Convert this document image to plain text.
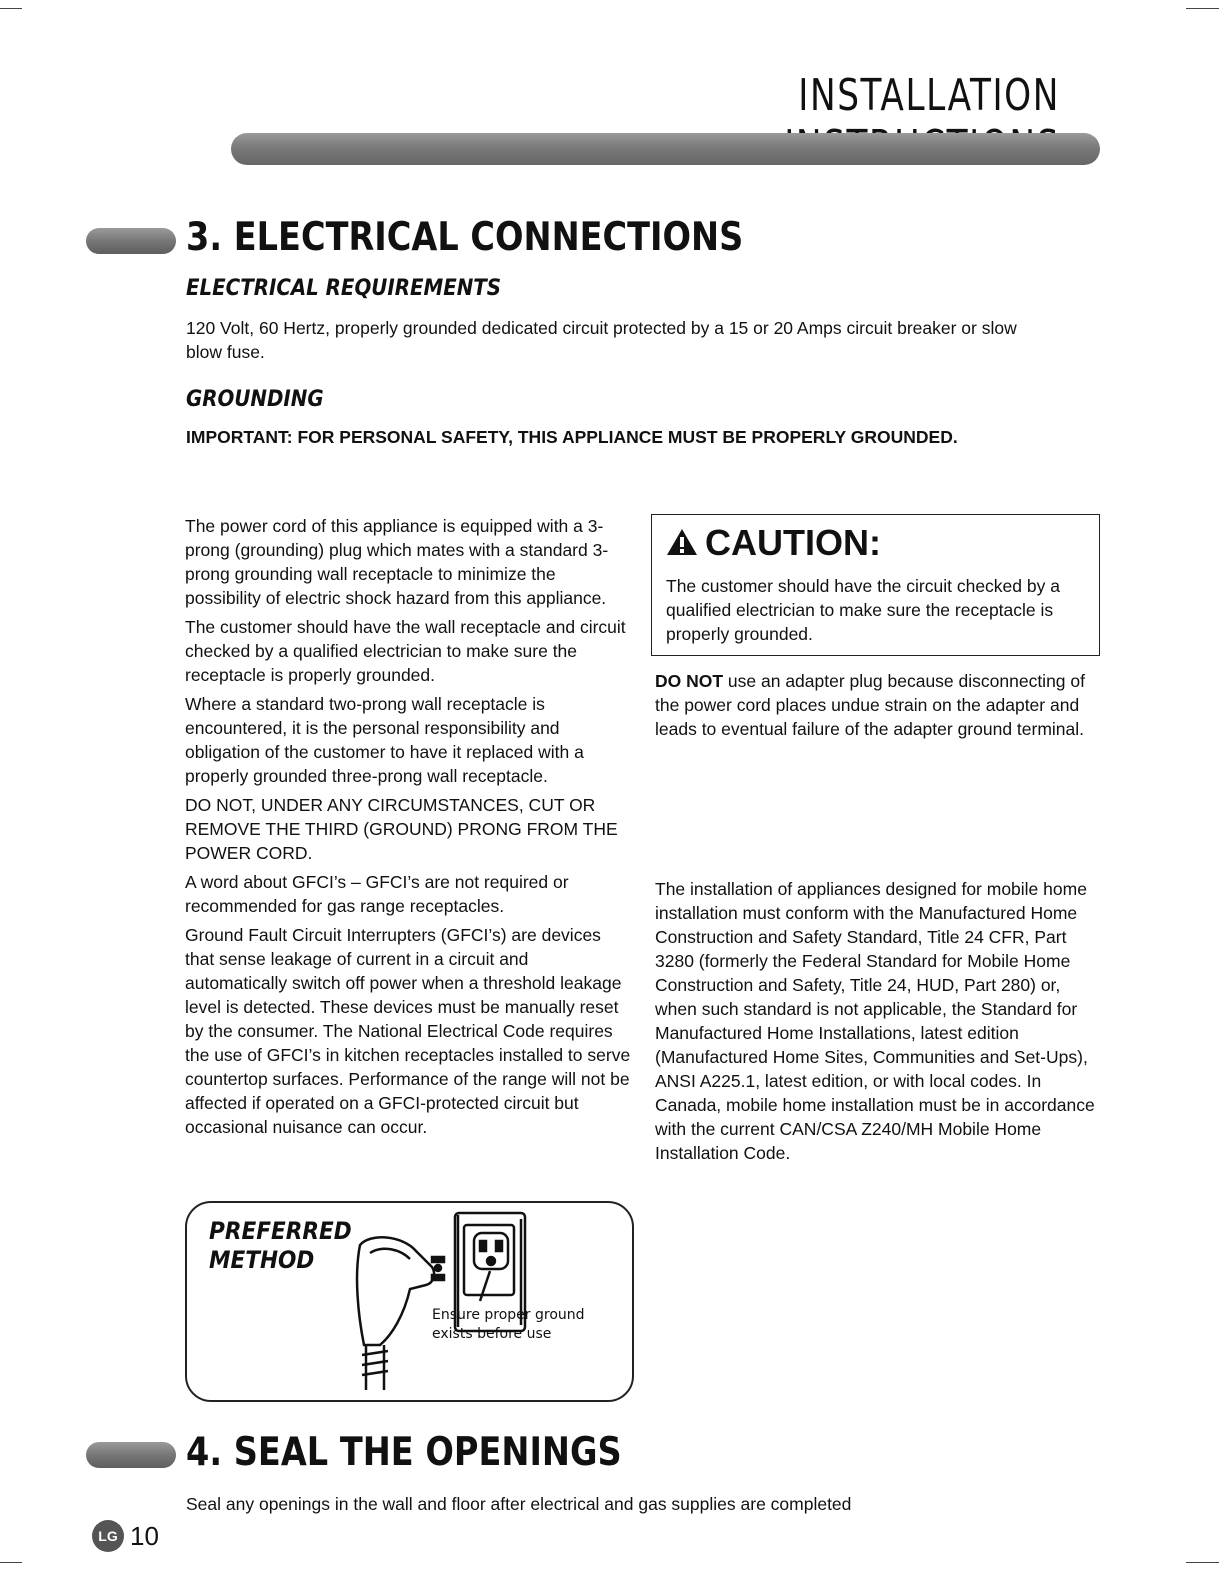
INSTALLATION
3. ELECTRICAL CONNECTIONS
ELECTRICAL REQUIREMENTS
120 Volt, 60 Hertz, properly grounded dedicated circuit protected by a 15 or 20 Amps circuit breaker or slow
blow fuse.
GROUNDING
IMPORTANT: FOR PERSONAL SAFETY, THIS APPLIANCE MUST BE PROPERLY GROUNDED.

The power cord of this appliance is equipped with a 3-prong (grounding) plug which mates with a standard 3-prong grounding wall receptacle to minimize the possibility of electric shock hazard from this appliance.

The customer should have the wall receptacle and circuit checked by a qualified electrician to make sure the receptacle is properly grounded.

Where a standard two-prong wall receptacle is encountered, it is the personal responsibility and obligation of the customer to have it replaced with a properly grounded three-prong wall receptacle.

DO NOT, UNDER ANY CIRCUMSTANCES, CUT OR REMOVE THE THIRD (GROUND) PRONG FROM THE POWER CORD.

A word about GFCI’s – GFCI’s are not required or recommended for gas range receptacles.

Ground Fault Circuit Interrupters (GFCI’s) are devices that sense leakage of current in a circuit and automatically switch off power when a threshold leakage level is detected. These devices must be manually reset by the consumer. The National Electrical Code requires the use of GFCI’s in kitchen receptacles installed to serve countertop surfaces. Performance of the range will not be affected if operated on a GFCI-protected circuit but occasional nuisance can occur.

CAUTION:
The customer should have the circuit checked by a qualified electrician to make sure the receptacle is properly grounded.
DO NOT use an adapter plug because disconnecting of the power cord places undue strain on the adapter and leads to eventual failure of the adapter ground terminal.
The installation of appliances designed for mobile home installation must conform with the Manufactured Home Construction and Safety Standard, Title 24 CFR, Part 3280 (formerly the Federal Standard for Mobile Home Construction and Safety, Title 24, HUD, Part 280) or, when such standard is not applicable, the Standard for Manufactured Home Installations, latest edition (Manufactured Home Sites, Communities and Set-Ups), ANSI A225.1, latest edition, or with local codes. In Canada, mobile home installation must be in accordance with the current CAN/CSA Z240/MH Mobile Home Installation Code.
PREFERRED
METHOD
Ensure proper ground
exists before use
4. SEAL THE OPENINGS
Seal any openings in the wall and floor after electrical and gas supplies are completed
LG 10
